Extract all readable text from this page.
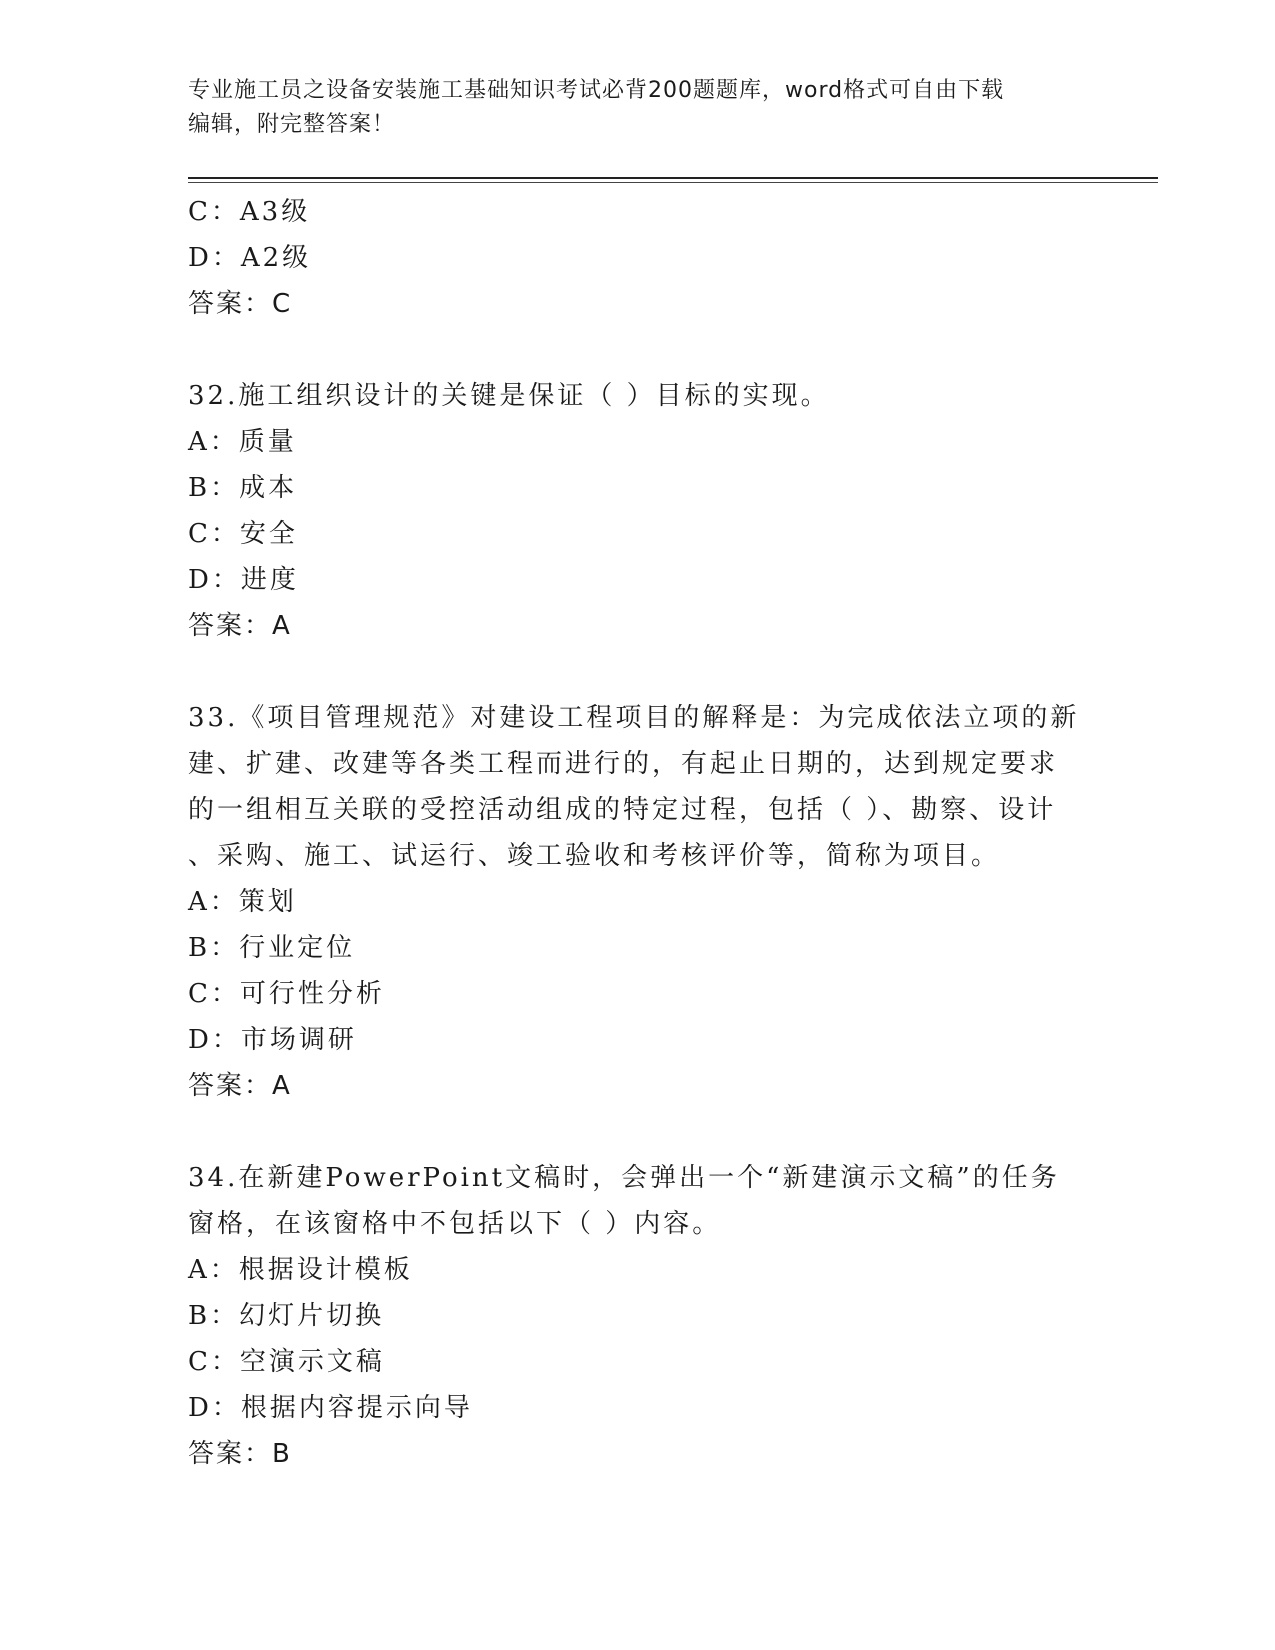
专业施工员之设备安装施工基础知识考试必背200题题库，word格式可自由下载
编辑，附完整答案！
C： A3级
D： A2级
答案：C
32.施工组织设计的关键是保证（ ）目标的实现。
A： 质量
B： 成本
C： 安全
D： 进度
答案：A
33.《项目管理规范》对建设工程项目的解释是：为完成依法立项的新
建、扩建、改建等各类工程而进行的，有起止日期的，达到规定要求
的一组相互关联的受控活动组成的特定过程，包括（ ）、勘察、设计
、采购、施工、试运行、竣工验收和考核评价等，简称为项目。
A： 策划
B： 行业定位
C： 可行性分析
D： 市场调研
答案：A
34.在新建PowerPoint文稿时，会弹出一个“新建演示文稿”的任务
窗格，在该窗格中不包括以下（ ）内容。
A： 根据设计模板
B： 幻灯片切换
C： 空演示文稿
D： 根据内容提示向导
答案：B
